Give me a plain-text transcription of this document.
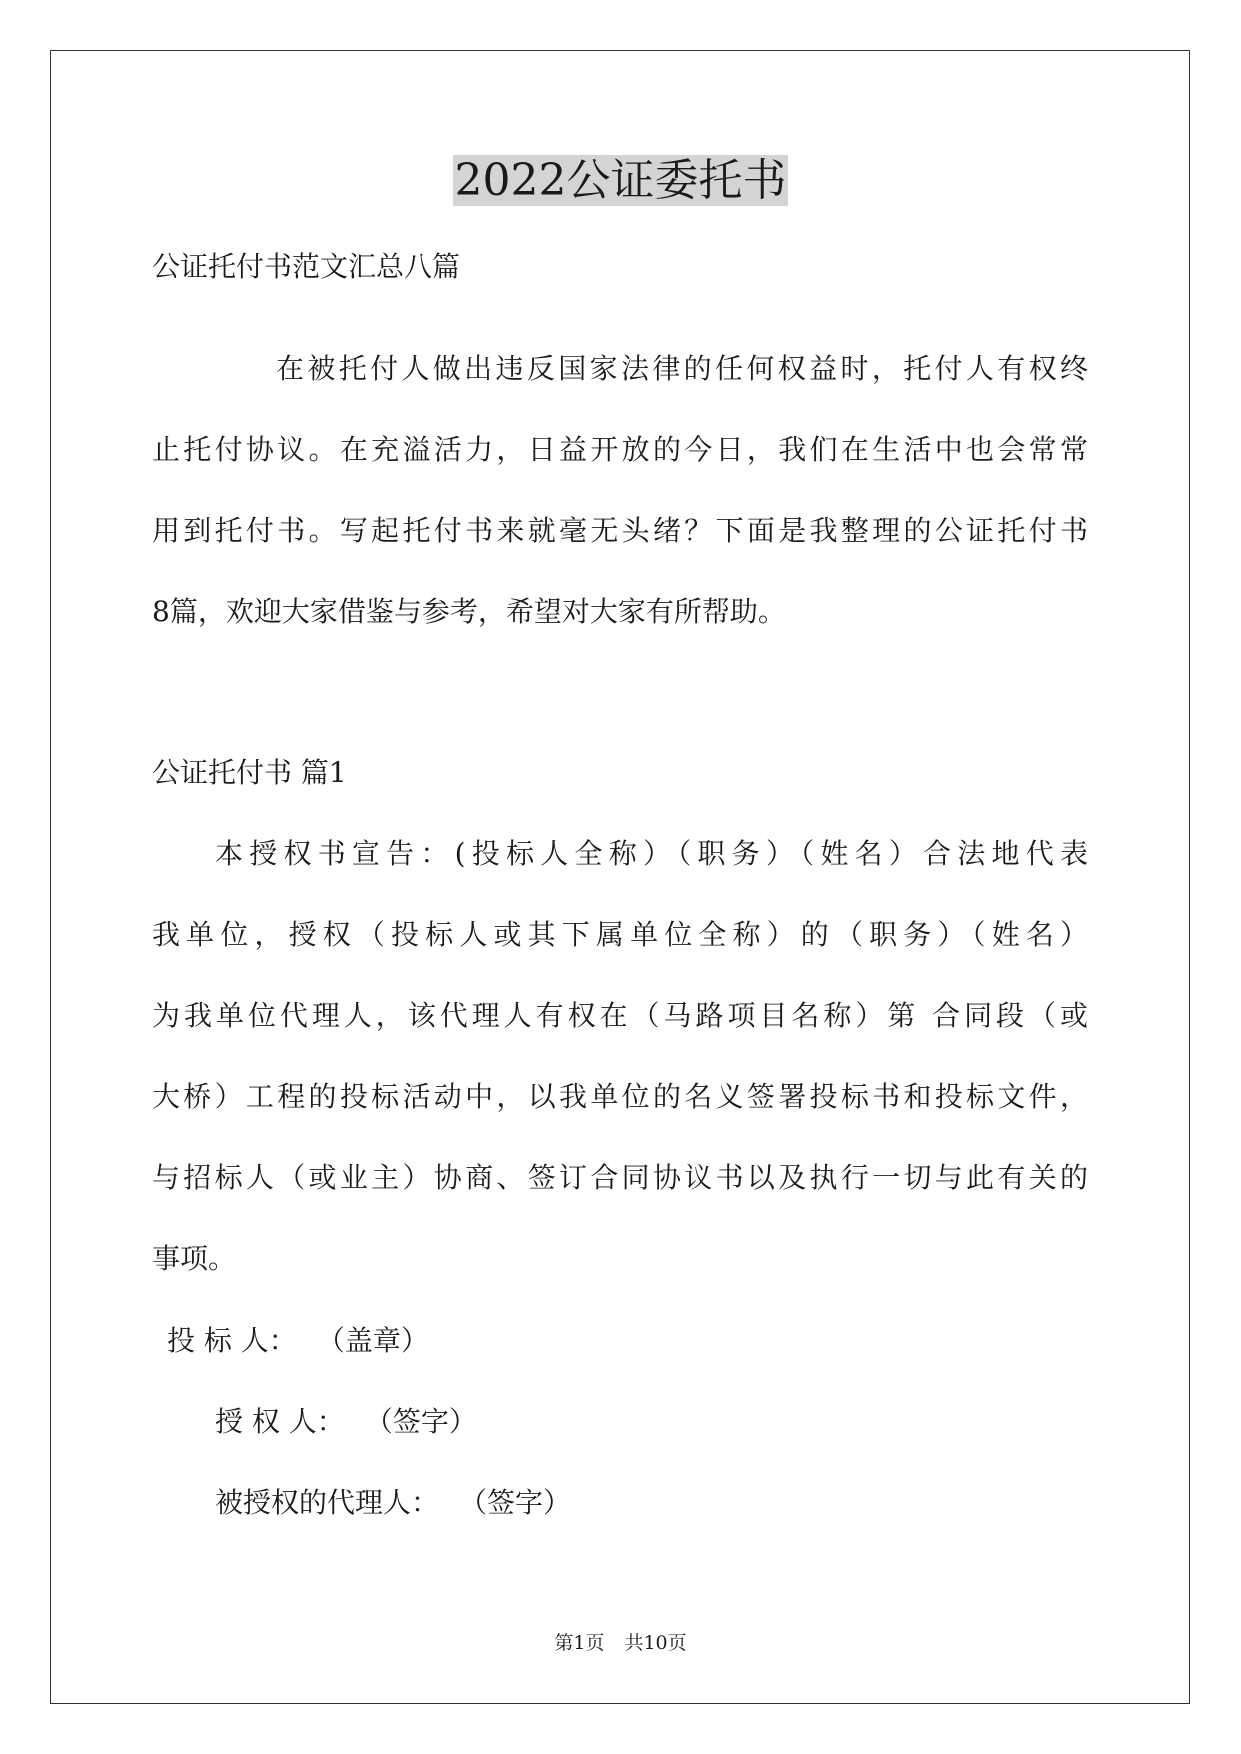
2022公证委托书

公证托付书范文汇总八篇

在被托付人做出违反国家法律的任何权益时，托付人有权终

止托付协议。在充溢活力，日益开放的今日，我们在生活中也会常常

用到托付书。写起托付书来就毫无头绪？下面是我整理的公证托付书

8篇，欢迎大家借鉴与参考，希望对大家有所帮助。

公证托付书 篇1

本授权书宣告：(投标人全称）（职务）（姓名）合法地代表

我单位，授权（投标人或其下属单位全称）的（职务）（姓名）

为我单位代理人，该代理人有权在（马路项目名称）第 合同段（或

大桥）工程的投标活动中，以我单位的名义签署投标书和投标文件，

与招标人（或业主）协商、签订合同协议书以及执行一切与此有关的

事项。

投 标 人： （盖章）

授 权 人： （签字）

被授权的代理人： （签字）

第1页 共10页
